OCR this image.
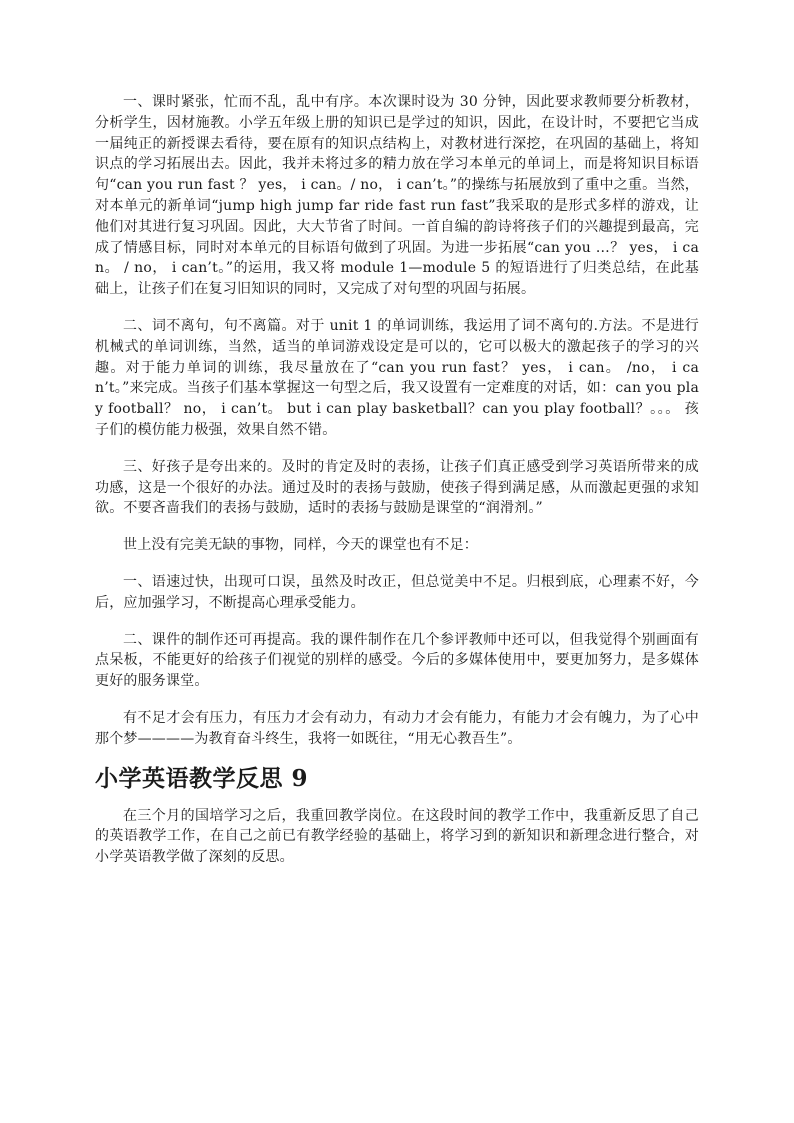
一、课时紧张，忙而不乱，乱中有序。本次课时设为 30 分钟，因此要求教师要分析教材，分析学生，因材施教。小学五年级上册的知识已是学过的知识，因此，在设计时，不要把它当成一届纯正的新授课去看待，要在原有的知识点结构上，对教材进行深挖，在巩固的基础上，将知识点的学习拓展出去。因此，我并未将过多的精力放在学习本单元的单词上，而是将知识目标语句“can you run fast ？ yes， i can。/ no， i can’t。”的操练与拓展放到了重中之重。当然，对本单元的新单词“jump high jump far ride fast run fast”我采取的是形式多样的游戏，让他们对其进行复习巩固。因此，大大节省了时间。一首自编的韵诗将孩子们的兴趣提到最高，完成了情感目标，同时对本单元的目标语句做到了巩固。为进一步拓展“can you …？ yes， i can。 / no， i can’t。”的运用，我又将 module 1—module 5 的短语进行了归类总结，在此基础上，让孩子们在复习旧知识的同时，又完成了对句型的巩固与拓展。

二、词不离句，句不离篇。对于 unit 1 的单词训练，我运用了词不离句的.方法。不是进行机械式的单词训练，当然，适当的单词游戏设定是可以的，它可以极大的激起孩子的学习的兴趣。对于能力单词的训练，我尽量放在了“can you run fast？ yes， i can。 /no， i can’t。”来完成。当孩子们基本掌握这一句型之后，我又设置有一定难度的对话，如：can you play football？ no， i can’t。 but i can play basketball？can you play football？。。。 孩子们的模仿能力极强，效果自然不错。

三、好孩子是夸出来的。及时的肯定及时的表扬，让孩子们真正感受到学习英语所带来的成功感，这是一个很好的办法。通过及时的表扬与鼓励，使孩子得到满足感，从而激起更强的求知欲。不要吝啬我们的表扬与鼓励，适时的表扬与鼓励是课堂的“润滑剂。”

世上没有完美无缺的事物，同样，今天的课堂也有不足：

一、语速过快，出现可口误，虽然及时改正，但总觉美中不足。归根到底，心理素不好，今后，应加强学习，不断提高心理承受能力。

二、课件的制作还可再提高。我的课件制作在几个参评教师中还可以，但我觉得个别画面有点呆板，不能更好的给孩子们视觉的别样的感受。今后的多媒体使用中，要更加努力，是多媒体更好的服务课堂。

有不足才会有压力，有压力才会有动力，有动力才会有能力，有能力才会有魄力，为了心中那个梦————为教育奋斗终生，我将一如既往，“用无心教吾生”。

小学英语教学反思 9

在三个月的国培学习之后，我重回教学岗位。在这段时间的教学工作中，我重新反思了自己的英语教学工作，在自己之前已有教学经验的基础上，将学习到的新知识和新理念进行整合，对小学英语教学做了深刻的反思。
